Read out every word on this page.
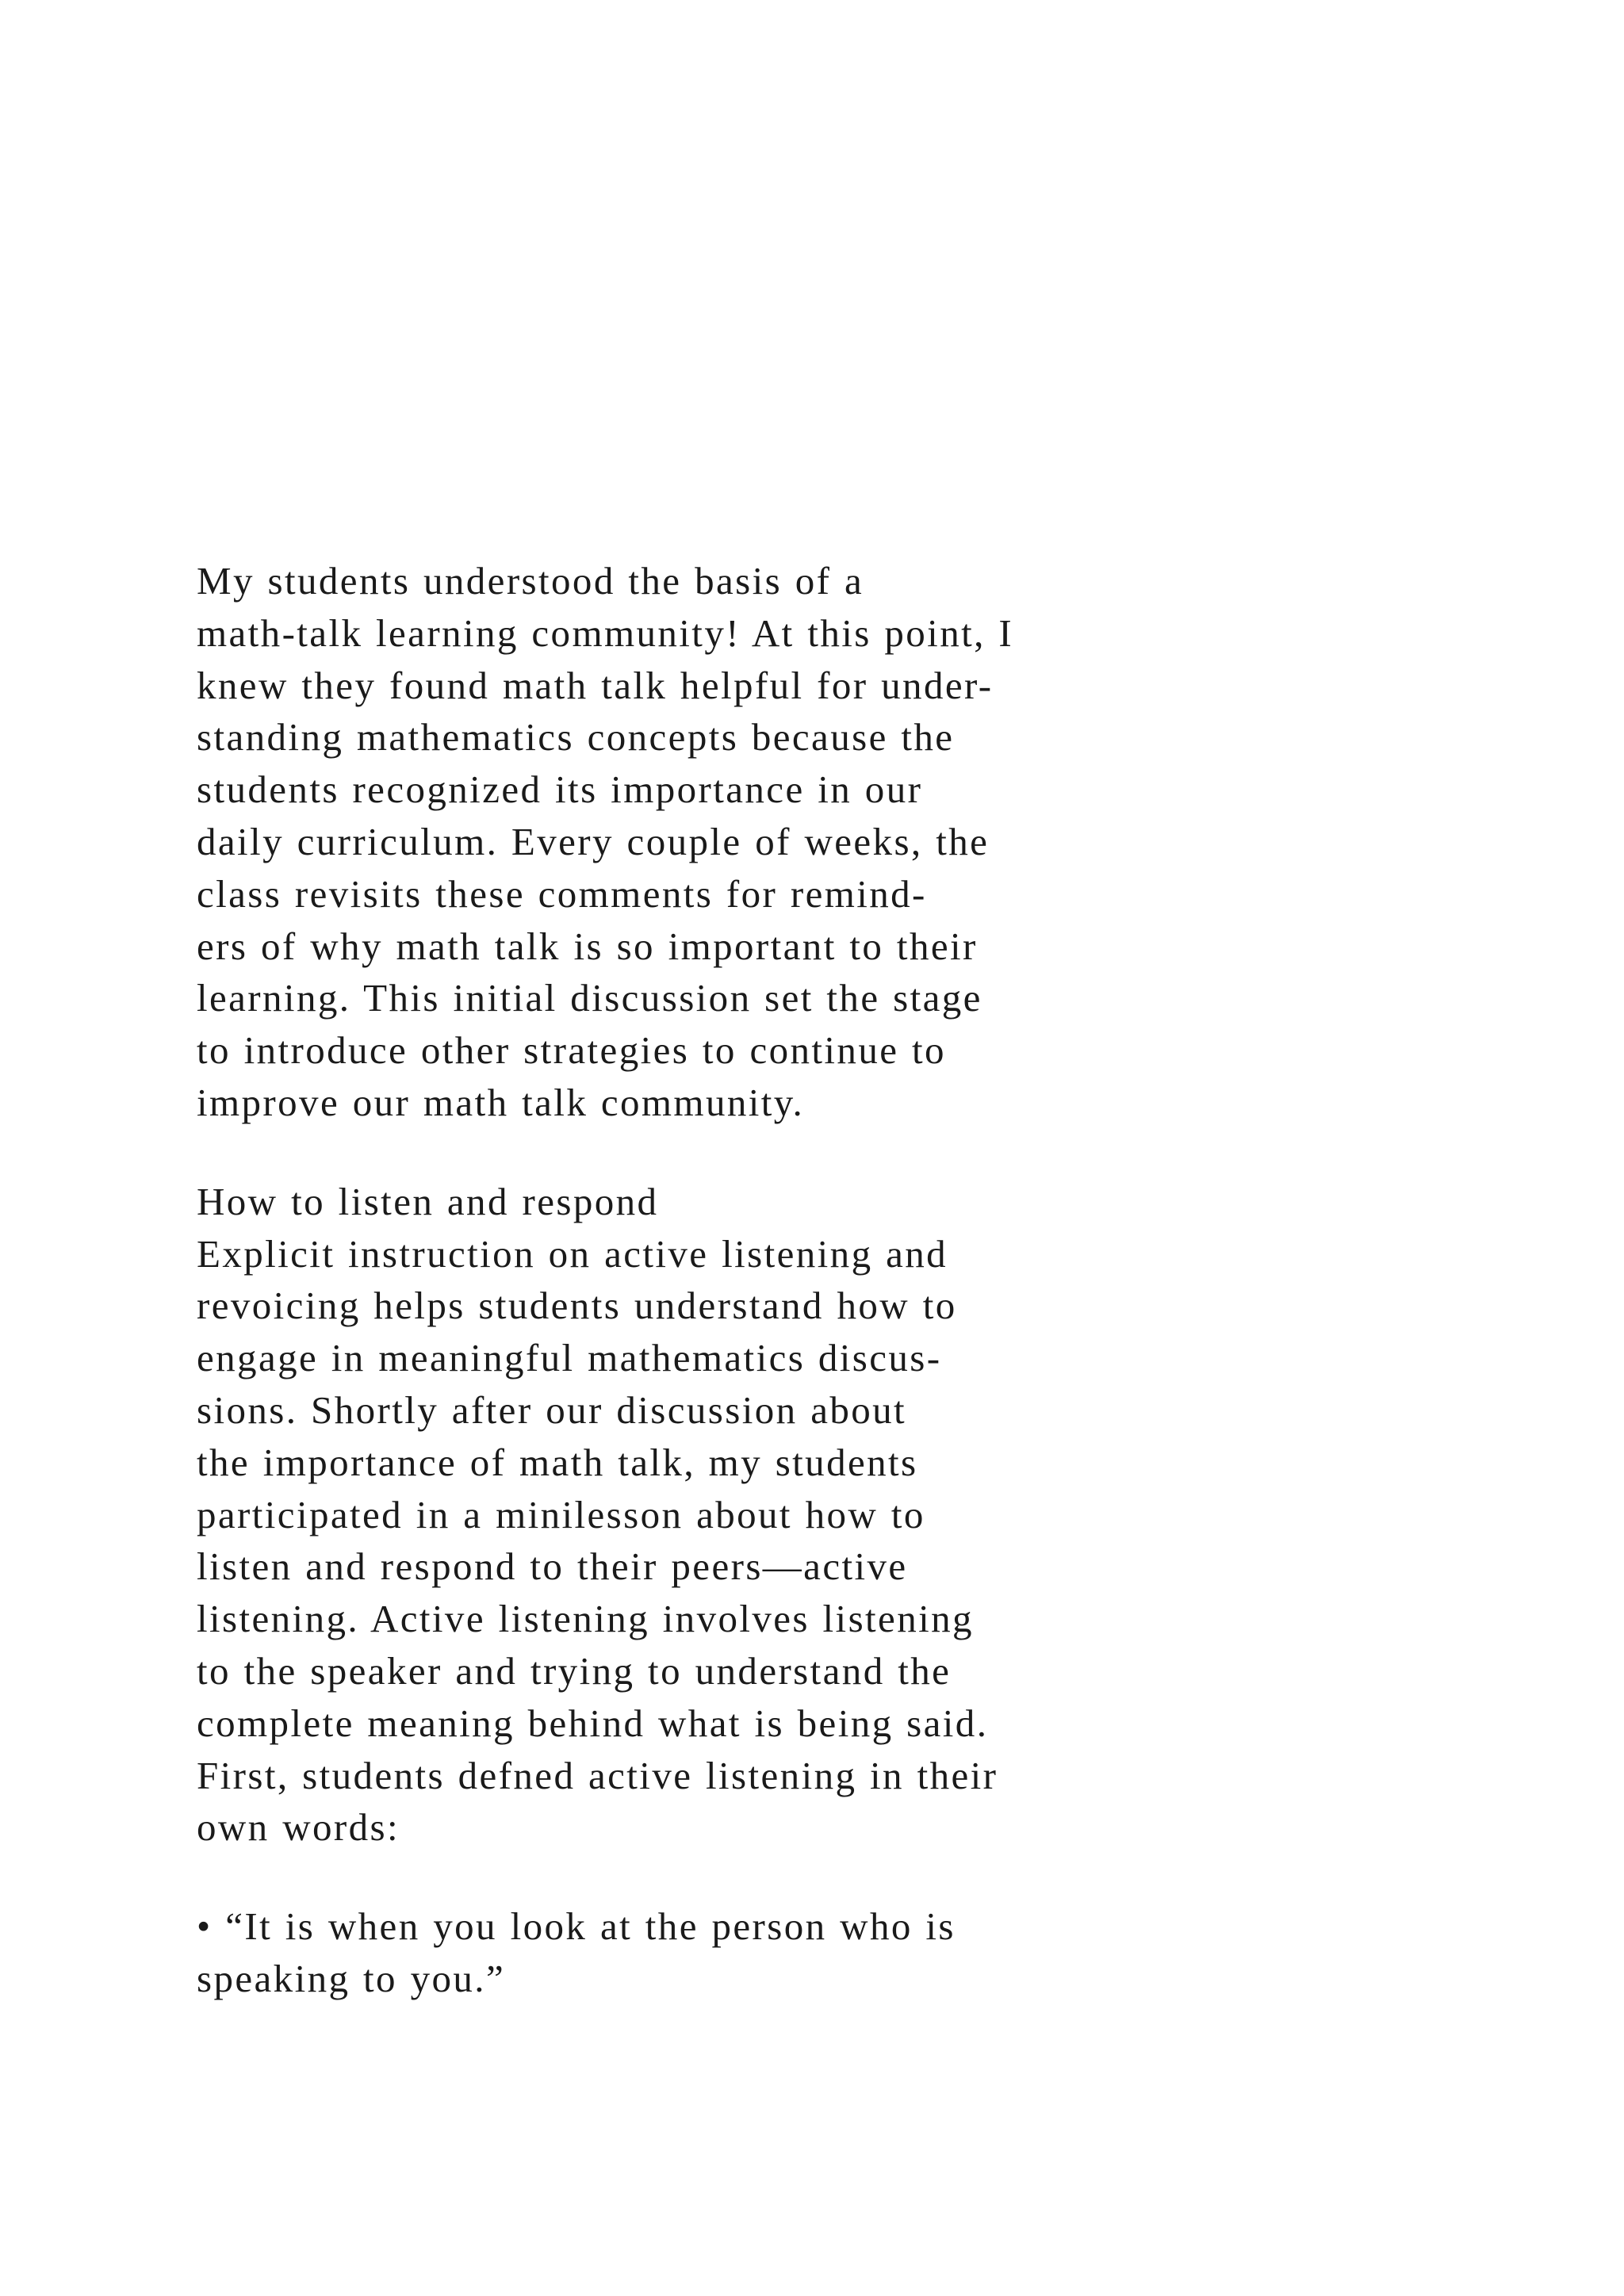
My students understood the basis of a
math-talk learning community! At this point, I
knew they found math talk helpful for under-
standing mathematics concepts because the
students recognized its importance in our
daily curriculum. Every couple of weeks, the
class revisits these comments for remind-
ers of why math talk is so important to their
learning. This initial discussion set the stage
to introduce other strategies to continue to
improve our math talk community.
How to listen and respond
Explicit instruction on active listening and
revoicing helps students understand how to
engage in meaningful mathematics discus-
sions. Shortly after our discussion about
the importance of math talk, my students
participated in a minilesson about how to
listen and respond to their peers—active
listening. Active listening involves listening
to the speaker and trying to understand the
complete meaning behind what is being said.
First, students defned active listening in their
own words:
• “It is when you look at the person who is
speaking to you.”
